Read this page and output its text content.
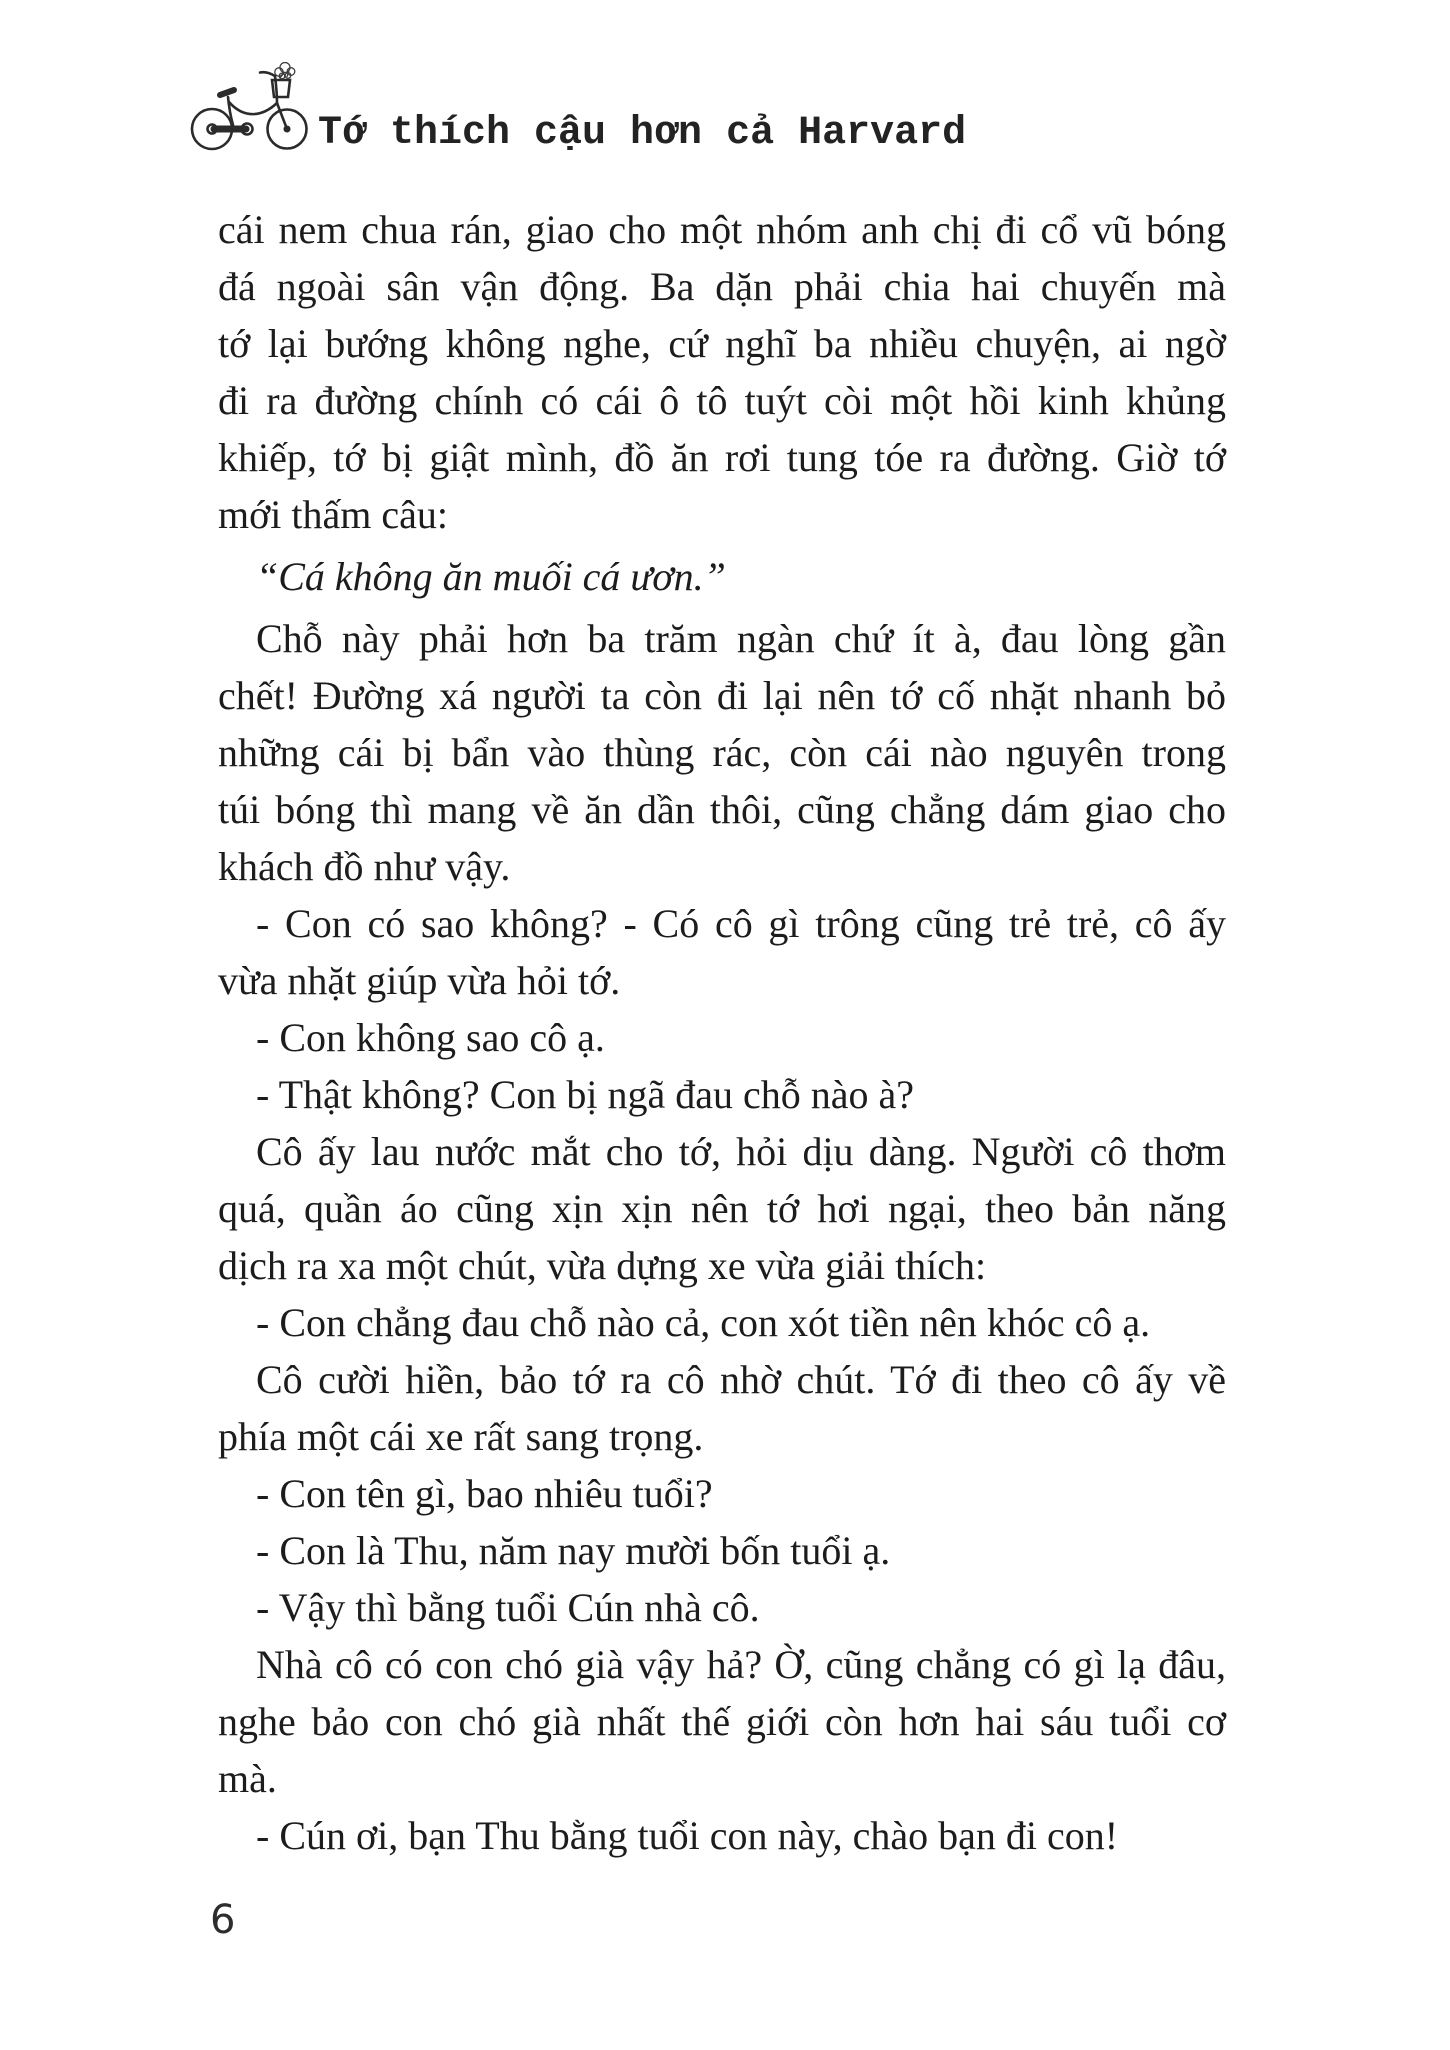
Tớ thích cậu hơn cả Harvard
cái nem chua rán, giao cho một nhóm anh chị đi cổ vũ bóng
đá ngoài sân vận động. Ba dặn phải chia hai chuyến mà
tớ lại bướng không nghe, cứ nghĩ ba nhiều chuyện, ai ngờ
đi ra đường chính có cái ô tô tuýt còi một hồi kinh khủng
khiếp, tớ bị giật mình, đồ ăn rơi tung tóe ra đường. Giờ tớ
mới thấm câu:
“Cá không ăn muối cá ươn.”
Chỗ này phải hơn ba trăm ngàn chứ ít à, đau lòng gần
chết! Đường xá người ta còn đi lại nên tớ cố nhặt nhanh bỏ
những cái bị bẩn vào thùng rác, còn cái nào nguyên trong
túi bóng thì mang về ăn dần thôi, cũng chẳng dám giao cho
khách đồ như vậy.
- Con có sao không? - Có cô gì trông cũng trẻ trẻ, cô ấy
vừa nhặt giúp vừa hỏi tớ.
- Con không sao cô ạ.
- Thật không? Con bị ngã đau chỗ nào à?
Cô ấy lau nước mắt cho tớ, hỏi dịu dàng. Người cô thơm
quá, quần áo cũng xịn xịn nên tớ hơi ngại, theo bản năng
dịch ra xa một chút, vừa dựng xe vừa giải thích:
- Con chẳng đau chỗ nào cả, con xót tiền nên khóc cô ạ.
Cô cười hiền, bảo tớ ra cô nhờ chút. Tớ đi theo cô ấy về
phía một cái xe rất sang trọng.
- Con tên gì, bao nhiêu tuổi?
- Con là Thu, năm nay mười bốn tuổi ạ.
- Vậy thì bằng tuổi Cún nhà cô.
Nhà cô có con chó già vậy hả? Ờ, cũng chẳng có gì lạ đâu,
nghe bảo con chó già nhất thế giới còn hơn hai sáu tuổi cơ
mà.
- Cún ơi, bạn Thu bằng tuổi con này, chào bạn đi con!
6
